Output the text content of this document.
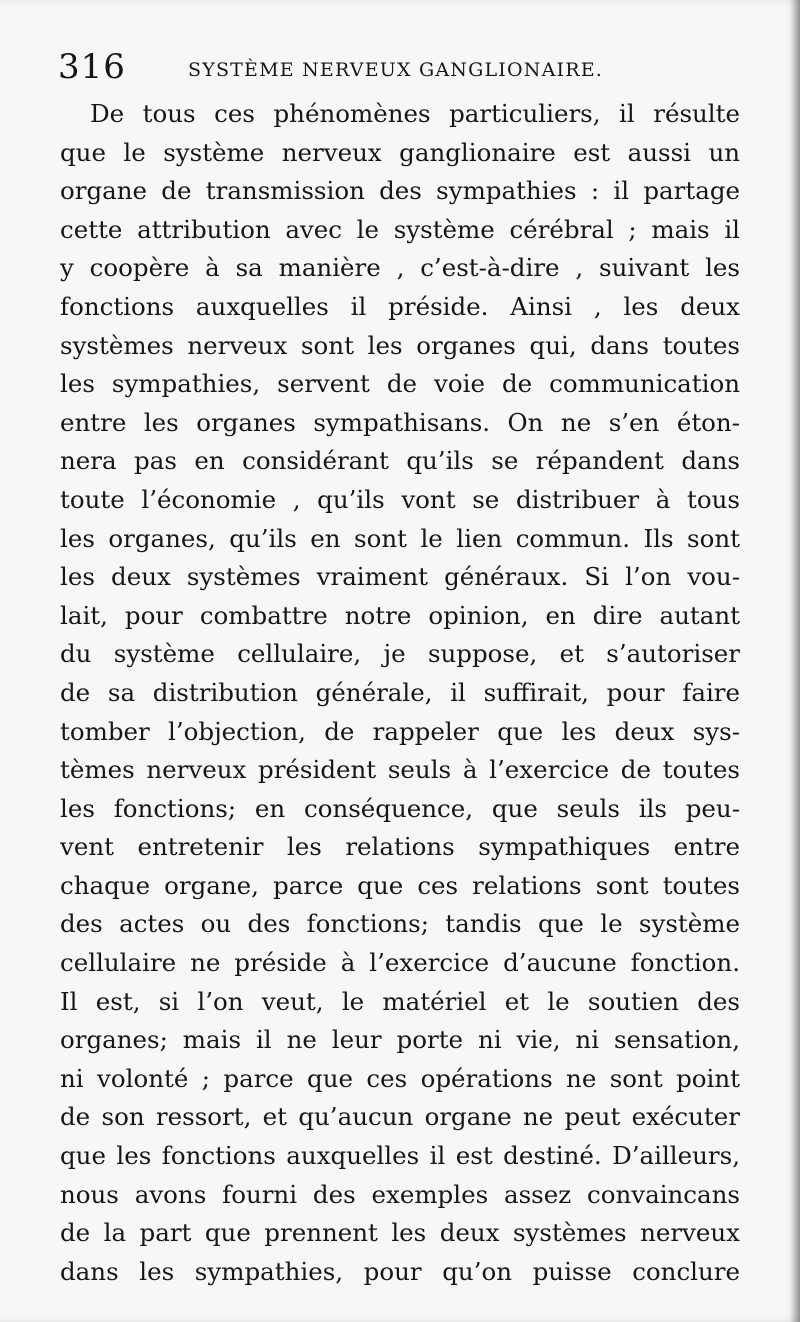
316	SYSTÈME NERVEUX GANGLIONAIRE.
De tous ces phénomènes particuliers, il résulte
que le système nerveux ganglionaire est aussi un
organe de transmission des sympathies : il partage
cette attribution avec le système cérébral ; mais il
y coopère à sa manière , c’est-à-dire , suivant les
fonctions auxquelles il préside. Ainsi , les deux
systèmes nerveux sont les organes qui, dans toutes
les sympathies, servent de voie de communication
entre les organes sympathisans. On ne s’en éton-
nera pas en considérant qu’ils se répandent dans
toute l’économie , qu’ils vont se distribuer à tous
les organes, qu’ils en sont le lien commun. Ils sont
les deux systèmes vraiment généraux. Si l’on vou-
lait, pour combattre notre opinion, en dire autant
du système cellulaire, je suppose, et s’autoriser
de sa distribution générale, il suffirait, pour faire
tomber l’objection, de rappeler que les deux sys-
tèmes nerveux président seuls à l’exercice de toutes
les fonctions; en conséquence, que seuls ils peu-
vent entretenir les relations sympathiques entre
chaque organe, parce que ces relations sont toutes
des actes ou des fonctions; tandis que le système
cellulaire ne préside à l’exercice d’aucune fonction.
Il est, si l’on veut, le matériel et le soutien des
organes; mais il ne leur porte ni vie, ni sensation,
ni volonté ; parce que ces opérations ne sont point
de son ressort, et qu’aucun organe ne peut exécuter
que les fonctions auxquelles il est destiné. D’ailleurs,
nous avons fourni des exemples assez convaincans
de la part que prennent les deux systèmes nerveux
dans les sympathies, pour qu’on puisse conclure
